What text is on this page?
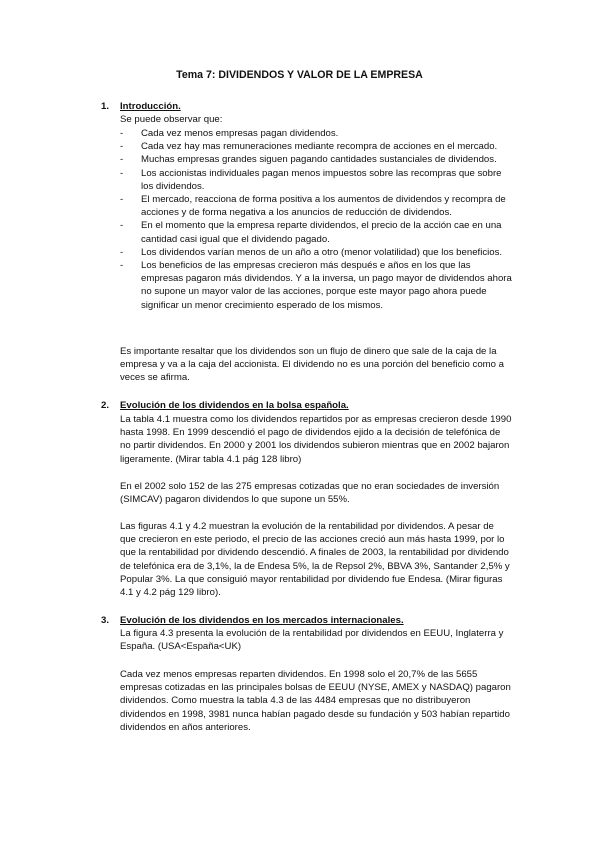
Tema 7: DIVIDENDOS Y VALOR DE LA EMPRESA
1. Introducción.

Se puede observar que:

- Cada vez menos empresas pagan dividendos.
- Cada vez hay mas remuneraciones mediante recompra de acciones en el mercado.
- Muchas empresas grandes siguen pagando cantidades sustanciales de dividendos.
- Los accionistas individuales pagan menos impuestos sobre las recompras que sobre los dividendos.
- El mercado, reacciona de forma positiva a los aumentos de dividendos y recompra de acciones y de forma negativa a los anuncios de reducción de dividendos.
- En el momento que la empresa reparte dividendos, el precio de la acción cae en una cantidad casi igual que el dividendo pagado.
- Los dividendos varían menos de un año a otro (menor volatilidad) que los beneficios.
- Los beneficios de las empresas crecieron más después e años en los que las empresas pagaron más dividendos. Y a la inversa, un pago mayor de dividendos ahora no supone un mayor valor de las acciones, porque este mayor pago ahora puede significar un menor crecimiento esperado de los mismos.

Es importante resaltar que los dividendos son un flujo de dinero que sale de la caja de la empresa y va a la caja del accionista. El dividendo no es una porción del beneficio como a veces se afirma.

2. Evolución de los dividendos en la bolsa española.

La tabla 4.1 muestra como los dividendos repartidos por as empresas crecieron desde 1990 hasta 1998. En 1999 descendió el pago de dividendos ejido a la decisión de telefónica de no partir dividendos. En 2000 y 2001 los dividendos subieron mientras que en 2002 bajaron ligeramente. (Mirar tabla 4.1 pág 128 libro)

En el 2002 solo 152 de las 275 empresas cotizadas que no eran sociedades de inversión (SIMCAV) pagaron dividendos lo que supone un 55%.

Las figuras 4.1 y 4.2 muestran la evolución de la rentabilidad por dividendos. A pesar de que crecieron en este periodo, el precio de las acciones creció aun más hasta 1999, por lo que la rentabilidad por dividendo descendió. A finales de 2003, la rentabilidad por dividendo de telefónica era de 3,1%, la de Endesa 5%, la de Repsol 2%, BBVA 3%, Santander 2,5% y Popular 3%. La que consiguió mayor rentabilidad por dividendo fue Endesa. (Mirar figuras 4.1 y 4.2 pág 129 libro).

3. Evolución de los dividendos en los mercados internacionales.

La figura 4.3 presenta la evolución de la rentabilidad por dividendos en EEUU, Inglaterra y España. (USA<España<UK)

Cada vez menos empresas reparten dividendos. En 1998 solo el 20,7% de las 5655 empresas cotizadas en las principales bolsas de EEUU (NYSE, AMEX y NASDAQ) pagaron dividendos. Como muestra la tabla 4.3 de las 4484 empresas que no distribuyeron dividendos en 1998, 3981 nunca habían pagado desde su fundación y 503 habían repartido dividendos en años anteriores.
